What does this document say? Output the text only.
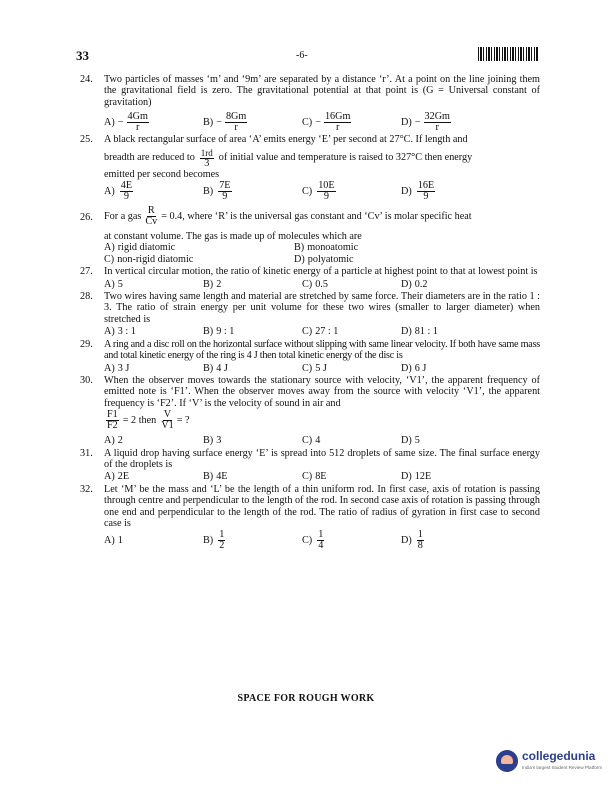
33	-6-
24. Two particles of masses ‘m’ and ‘9m’ are separated by a distance ‘r’. At a point on the line joining them the gravitational field is zero. The gravitational potential at that point is (G = Universal constant of gravitation)
$A) - \frac{4Gm}{r}$	$B) - \frac{8Gm}{r}$	$C) - \frac{16Gm}{r}$	$D) - \frac{32Gm}{r}$
25. A black rectangular surface of area ‘A’ emits energy ‘E’ per second at 27°C. If length and
breadth are reduced to $\frac{1rd}{3}$ of initial value and temperature is raised to 327°C then energy
emitted per second becomes
$A) \frac{4E}{9}$	$B) \frac{7E}{9}$	$C) \frac{10E}{9}$	$D) \frac{16E}{9}$
26. For a gas $\frac{R}{Cv} = 0.4$, where ‘R’ is the universal gas constant and ‘Cv’ is molar specific heat
at constant volume. The gas is made up of molecules which are
A) rigid diatomic	B) monoatomic
C) non-rigid diatomic	D) polyatomic
27. In vertical circular motion, the ratio of kinetic energy of a particle at highest point to that at lowest point is
A) 5	B) 2	C) 0.5	D) 0.2
28. Two wires having same length and material are stretched by same force. Their diameters are in the ratio 1 : 3. The ratio of strain energy per unit volume for these two wires (smaller to larger diameter) when stretched is
A) 3 : 1	B) 9 : 1	C) 27 : 1	D) 81 : 1
29. A ring and a disc roll on the horizontal surface without slipping with same linear velocity. If both have same mass and total kinetic energy of the ring is 4 J then total kinetic energy of the disc is
A) 3 J	B) 4 J	C) 5 J	D) 6 J
30. When the observer moves towards the stationary source with velocity, ‘V1’, the apparent frequency of emitted note is ‘F1’. When the observer moves away from the source with velocity ‘V1’, the apparent frequency is ‘F2’. If ‘V’ is the velocity of sound in air and
$\frac{F1}{F2} = 2$ then $\frac{V}{V1}$ = ?
A) 2	B) 3	C) 4	D) 5
31. A liquid drop having surface energy ‘E’ is spread into 512 droplets of same size. The final surface energy of the droplets is
A) 2E	B) 4E	C) 8E	D) 12E
32. Let ‘M’ be the mass and ‘L’ be the length of a thin uniform rod. In first case, axis of rotation is passing through centre and perpendicular to the length of the rod. In second case axis of rotation is passing through one end and perpendicular to the length of the rod. The ratio of radius of gyration in first case to second case is
A) 1	$B) \frac{1}{2}$	$C) \frac{1}{4}$	$D) \frac{1}{8}$
SPACE FOR ROUGH WORK
collegedunia
India's largest Student Review Platform
